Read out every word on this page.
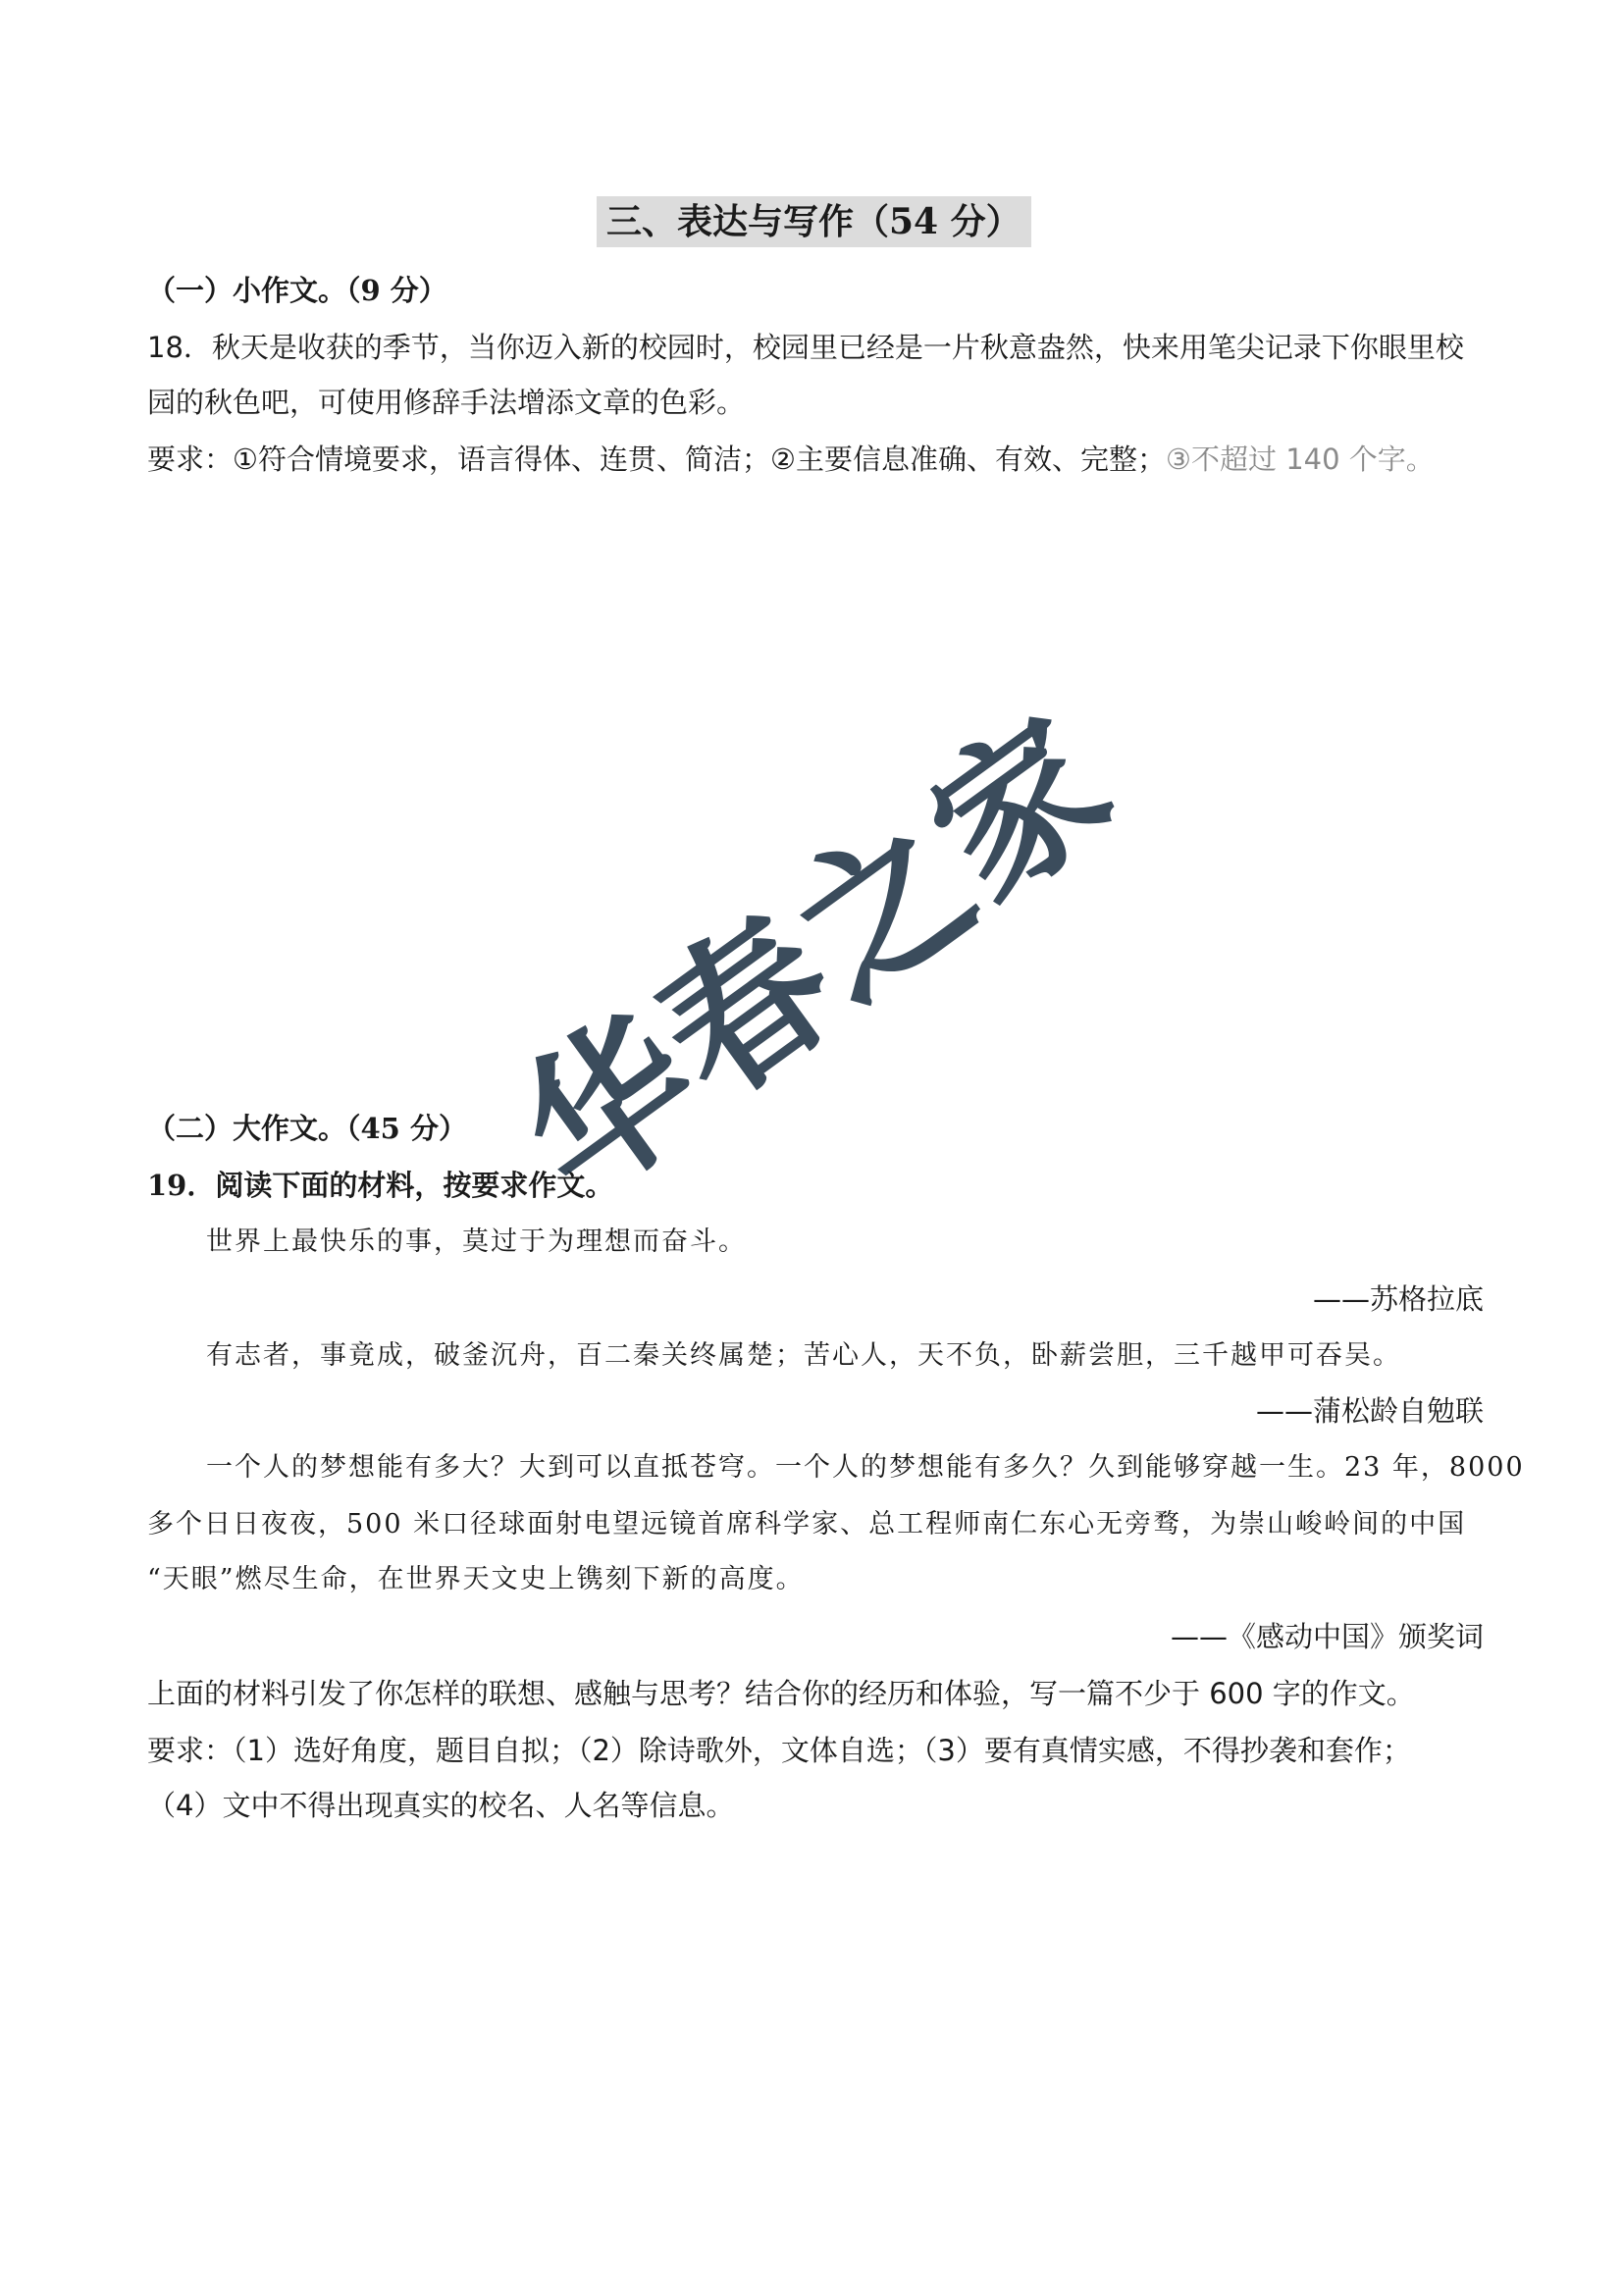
三、表达与写作（54 分）
（一）小作文。（9 分）
18．秋天是收获的季节，当你迈入新的校园时，校园里已经是一片秋意盎然，快来用笔尖记录下你眼里校
园的秋色吧，可使用修辞手法增添文章的色彩。
要求：①符合情境要求，语言得体、连贯、简洁；②主要信息准确、有效、完整；③不超过 140 个字。
（二）大作文。（45 分）
19．阅读下面的材料，按要求作文。
世界上最快乐的事，莫过于为理想而奋斗。
——苏格拉底
有志者，事竟成，破釜沉舟，百二秦关终属楚；苦心人，天不负，卧薪尝胆，三千越甲可吞吴。
——蒲松龄自勉联
一个人的梦想能有多大？大到可以直抵苍穹。一个人的梦想能有多久？久到能够穿越一生。23 年，8000
多个日日夜夜，500 米口径球面射电望远镜首席科学家、总工程师南仁东心无旁骛，为崇山峻岭间的中国
“天眼”燃尽生命，在世界天文史上镌刻下新的高度。
——《感动中国》颁奖词
上面的材料引发了你怎样的联想、感触与思考？结合你的经历和体验，写一篇不少于 600 字的作文。
要求：（1）选好角度，题目自拟；（2）除诗歌外，文体自选；（3）要有真情实感，不得抄袭和套作；
（4）文中不得出现真实的校名、人名等信息。
华春之家
